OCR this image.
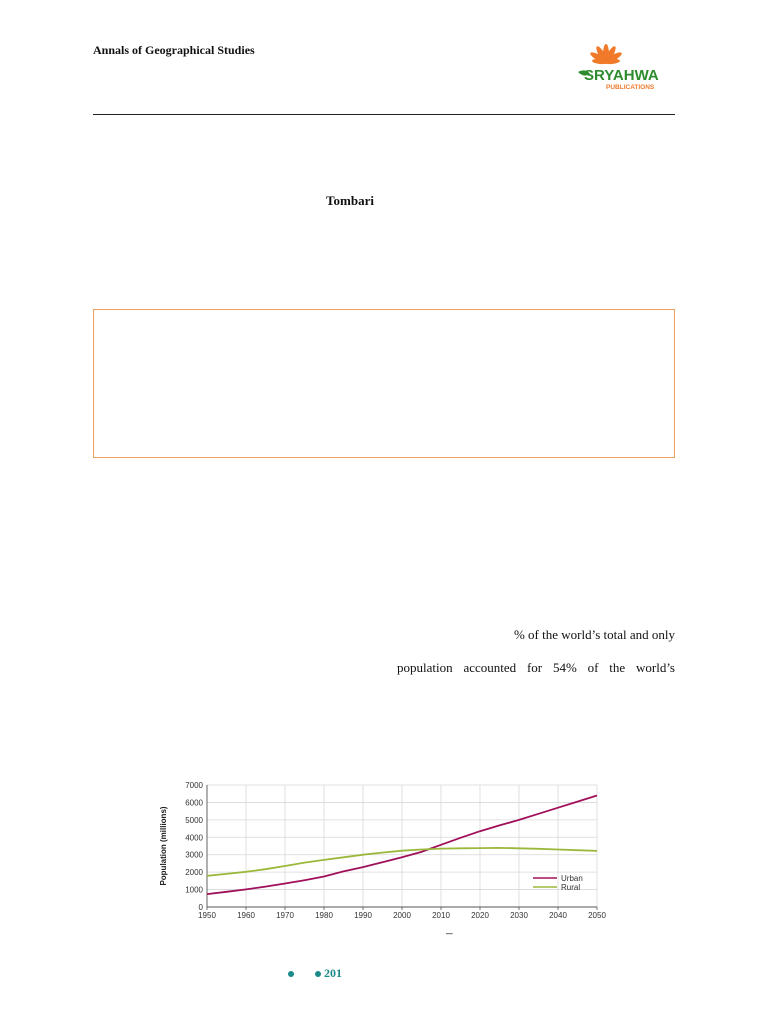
Annals of Geographical Studies
SRYAHWA
PUBLICATIONS
Tombari
% of the world’s total and only
population accounted for 54% of the world’s
0
1000
2000
3000
4000
5000
6000
7000
1950	1960	1970	1980	1990	2000	2010	2020	2030	2040	2050
Population (millions)	Urban
Rural
–
201
